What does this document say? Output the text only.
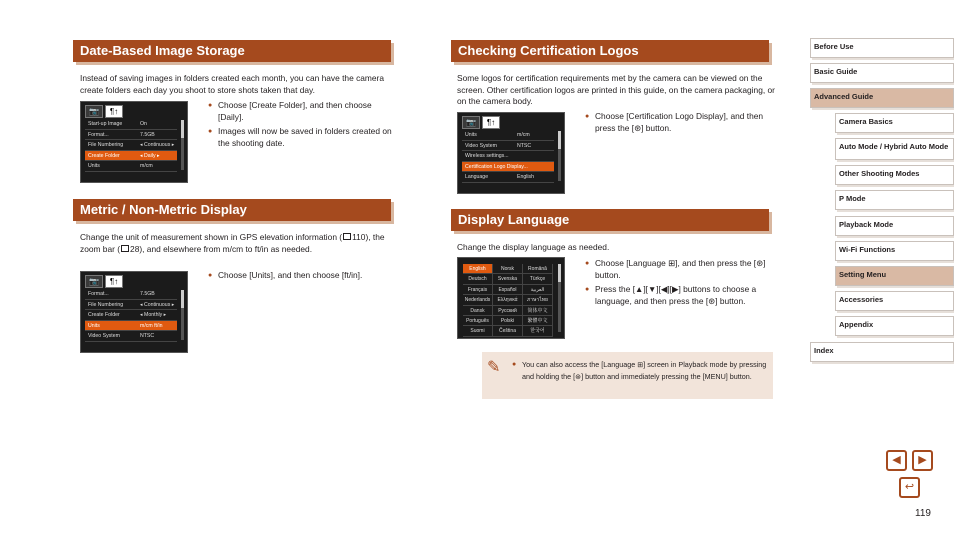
Date-Based Image Storage
Instead of saving images in folders created each month, you can have the camera create folders each day you shoot to store shots taken that day.
📷	¶↑
Start-up Image	On
Format...	7.5GB
File Numbering	◂ Continuous ▸
Create Folder	◂ Daily ▸
Units	m/cm
● Choose [Create Folder], and then choose [Daily].
● Images will now be saved in folders created on the shooting date.
Metric / Non-Metric Display
Change the unit of measurement shown in GPS elevation information ( 110), the zoom bar ( 28), and elsewhere from m/cm to ft/in as needed.
📷	¶↑
Format...	7.5GB
File Numbering	◂ Continuous ▸
Create Folder	◂ Monthly ▸
Units	m/cm ft/in
Video System	NTSC
● Choose [Units], and then choose [ft/in].
Checking Certification Logos
Some logos for certification requirements met by the camera can be viewed on the screen. Other certification logos are printed in this guide, on the camera packaging, or on the camera body.
📷	¶↑
Units	m/cm
Video System	NTSC
Wireless settings...
Certification Logo Display...
Language	English
● Choose [Certification Logo Display], and then press the [⊛] button.
Display Language
Change the display language as needed.
English	Norsk	Română
Deutsch	Svenska	Türkçe
Français	Español	العربية
Nederlands	Ελληνικά	ภาษาไทย
Dansk	Русский	简体中文
Português	Polski	繁體中文
Suomi	Čeština	한국어
● Choose [Language ⊞], and then press the [⊛] button.
● Press the [▲][▼][◀][▶] buttons to choose a language, and then press the [⊛] button.
✎
●	You can also access the [Language ⊞] screen in Playback mode by pressing and holding the [⊛] button and immediately pressing the [MENU] button.
Before Use
Basic Guide
Advanced Guide
Camera Basics
Auto Mode / Hybrid Auto Mode
Other Shooting Modes
P Mode
Playback Mode
Wi-Fi Functions
Setting Menu
Accessories
Appendix
Index
◀	▶
↩
119
